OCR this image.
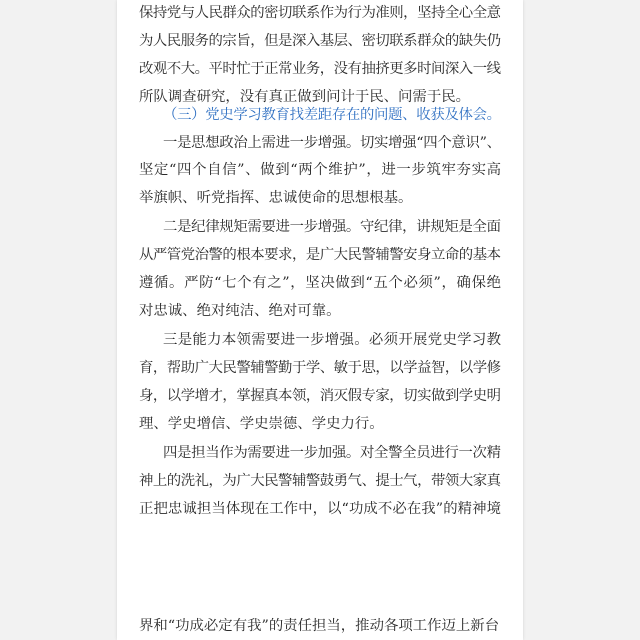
保持党与人民群众的密切联系作为行为准则，坚持全心全意
为人民服务的宗旨，但是深入基层、密切联系群众的缺失仍
改观不大。平时忙于正常业务，没有抽挤更多时间深入一线
所队调查研究，没有真正做到问计于民、问需于民。
（三）党史学习教育找差距存在的问题、收获及体会。
一是思想政治上需进一步增强。切实增强“四个意识”、
坚定“四个自信”、做到“两个维护”，进一步筑牢夯实高
举旗帜、听党指挥、忠诚使命的思想根基。
二是纪律规矩需要进一步增强。守纪律，讲规矩是全面
从严管党治警的根本要求，是广大民警辅警安身立命的基本
遵循。严防“七个有之”，坚决做到“五个必须”，确保绝
对忠诚、绝对纯洁、绝对可靠。
三是能力本领需要进一步增强。必须开展党史学习教
育，帮助广大民警辅警勤于学、敏于思，以学益智，以学修
身，以学增才，掌握真本领，消灭假专家，切实做到学史明
理、学史增信、学史崇德、学史力行。
四是担当作为需要进一步加强。对全警全员进行一次精
神上的洗礼，为广大民警辅警鼓勇气、提士气，带领大家真
正把忠诚担当体现在工作中，以“功成不必在我”的精神境
界和“功成必定有我”的责任担当，推动各项工作迈上新台
